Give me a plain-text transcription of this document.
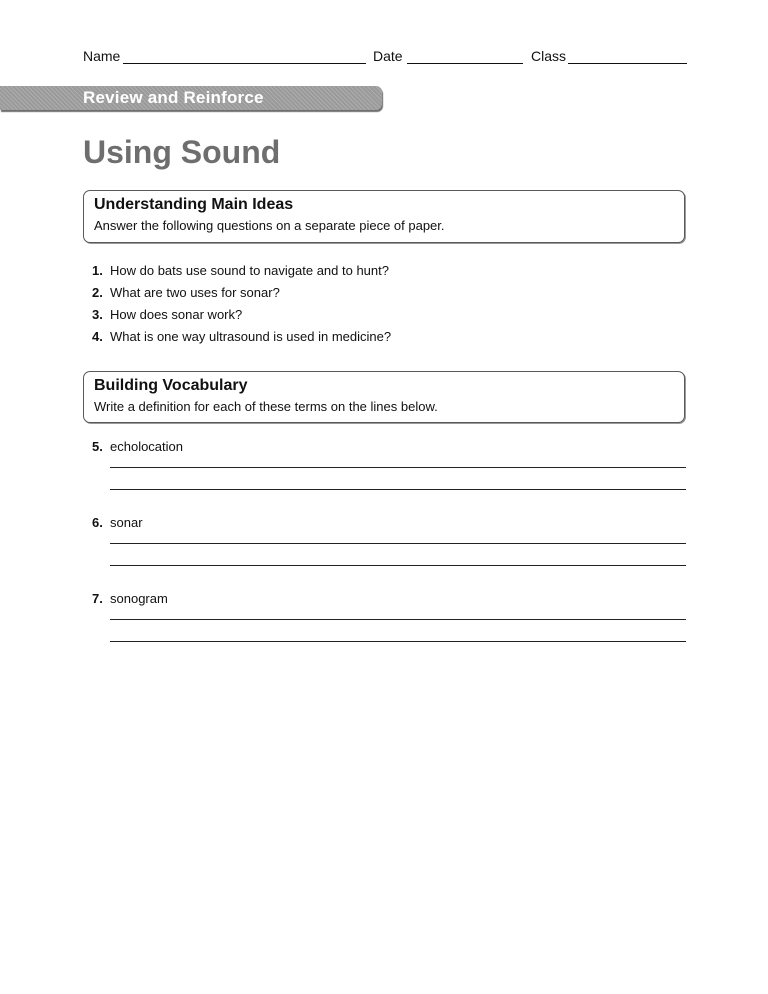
Name	Date	Class
Review and Reinforce
Using Sound
Understanding Main Ideas
Answer the following questions on a separate piece of paper.
1. How do bats use sound to navigate and to hunt?
2. What are two uses for sonar?
3. How does sonar work?
4. What is one way ultrasound is used in medicine?
Building Vocabulary
Write a definition for each of these terms on the lines below.
5. echolocation
6. sonar
7. sonogram
